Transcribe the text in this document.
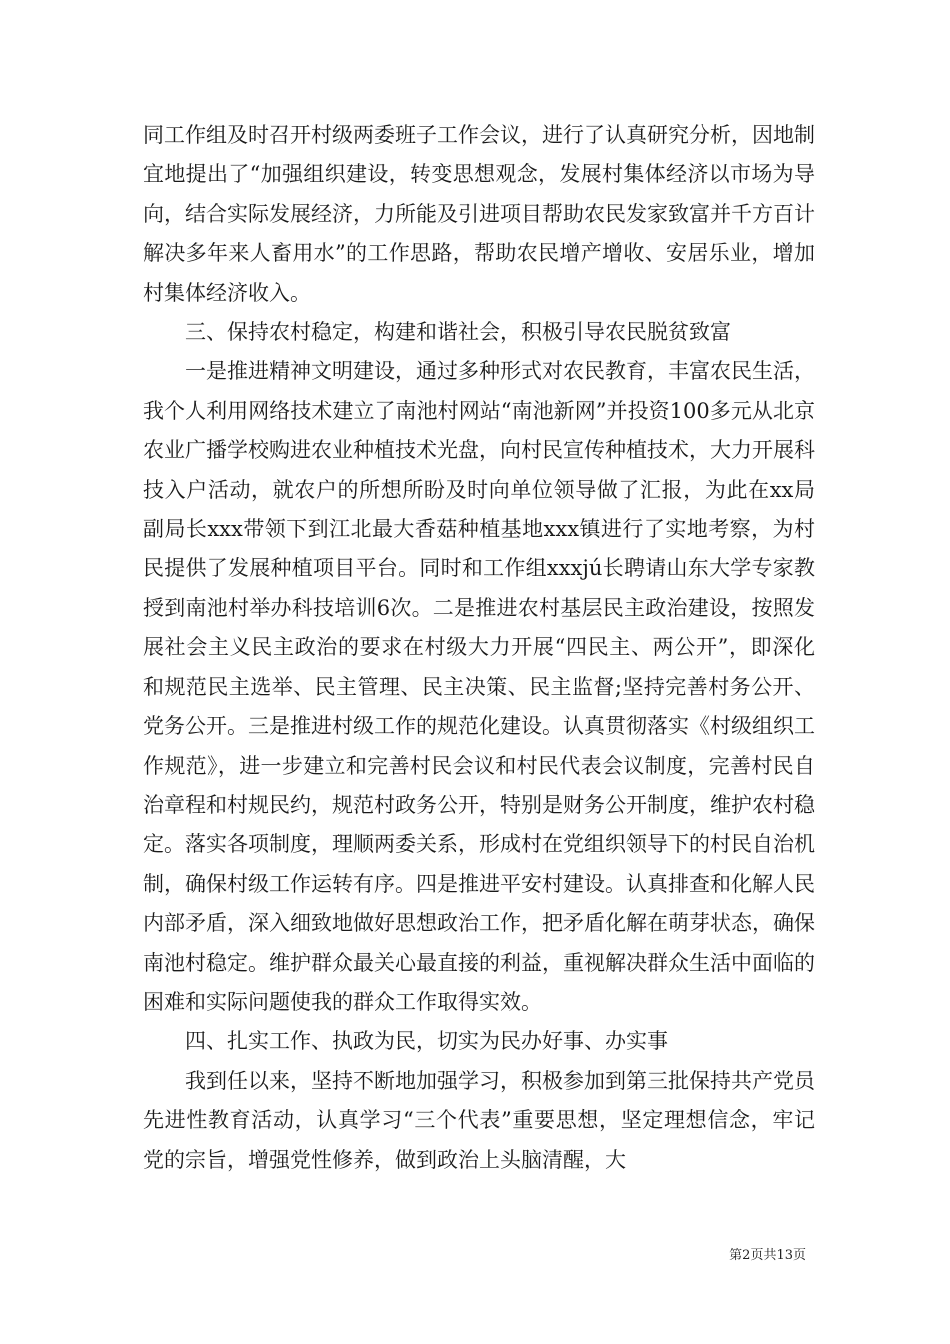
同工作组及时召开村级两委班子工作会议，进行了认真研究分析，因地制宜地提出了“加强组织建设，转变思想观念，发展村集体经济以市场为导向，结合实际发展经济，力所能及引进项目帮助农民发家致富并千方百计解决多年来人畜用水”的工作思路，帮助农民增产增收、安居乐业，增加村集体经济收入。

三、保持农村稳定，构建和谐社会，积极引导农民脱贫致富

一是推进精神文明建设，通过多种形式对农民教育，丰富农民生活，我个人利用网络技术建立了南池村网站“南池新网”并投资100多元从北京农业广播学校购进农业种植技术光盘，向村民宣传种植技术，大力开展科技入户活动，就农户的所想所盼及时向单位领导做了汇报，为此在xx局副局长xxx带领下到江北最大香菇种植基地xxx镇进行了实地考察，为村民提供了发展种植项目平台。同时和工作组xxxjú长聘请山东大学专家教授到南池村举办科技培训6次。二是推进农村基层民主政治建设，按照发展社会主义民主政治的要求在村级大力开展“四民主、两公开”，即深化和规范民主选举、民主管理、民主决策、民主监督;坚持完善村务公开、党务公开。三是推进村级工作的规范化建设。认真贯彻落实《村级组织工作规范》，进一步建立和完善村民会议和村民代表会议制度，完善村民自治章程和村规民约，规范村政务公开，特别是财务公开制度，维护农村稳定。落实各项制度，理顺两委关系，形成村在党组织领导下的村民自治机制，确保村级工作运转有序。四是推进平安村建设。认真排查和化解人民内部矛盾，深入细致地做好思想政治工作，把矛盾化解在萌芽状态，确保南池村稳定。维护群众最关心最直接的利益，重视解决群众生活中面临的困难和实际问题使我的群众工作取得实效。

四、扎实工作、执政为民，切实为民办好事、办实事

我到任以来，坚持不断地加强学习，积极参加到第三批保持共产党员先进性教育活动，认真学习“三个代表”重要思想，坚定理想信念，牢记党的宗旨，增强党性修养，做到政治上头脑清醒，大

第2页共13页
